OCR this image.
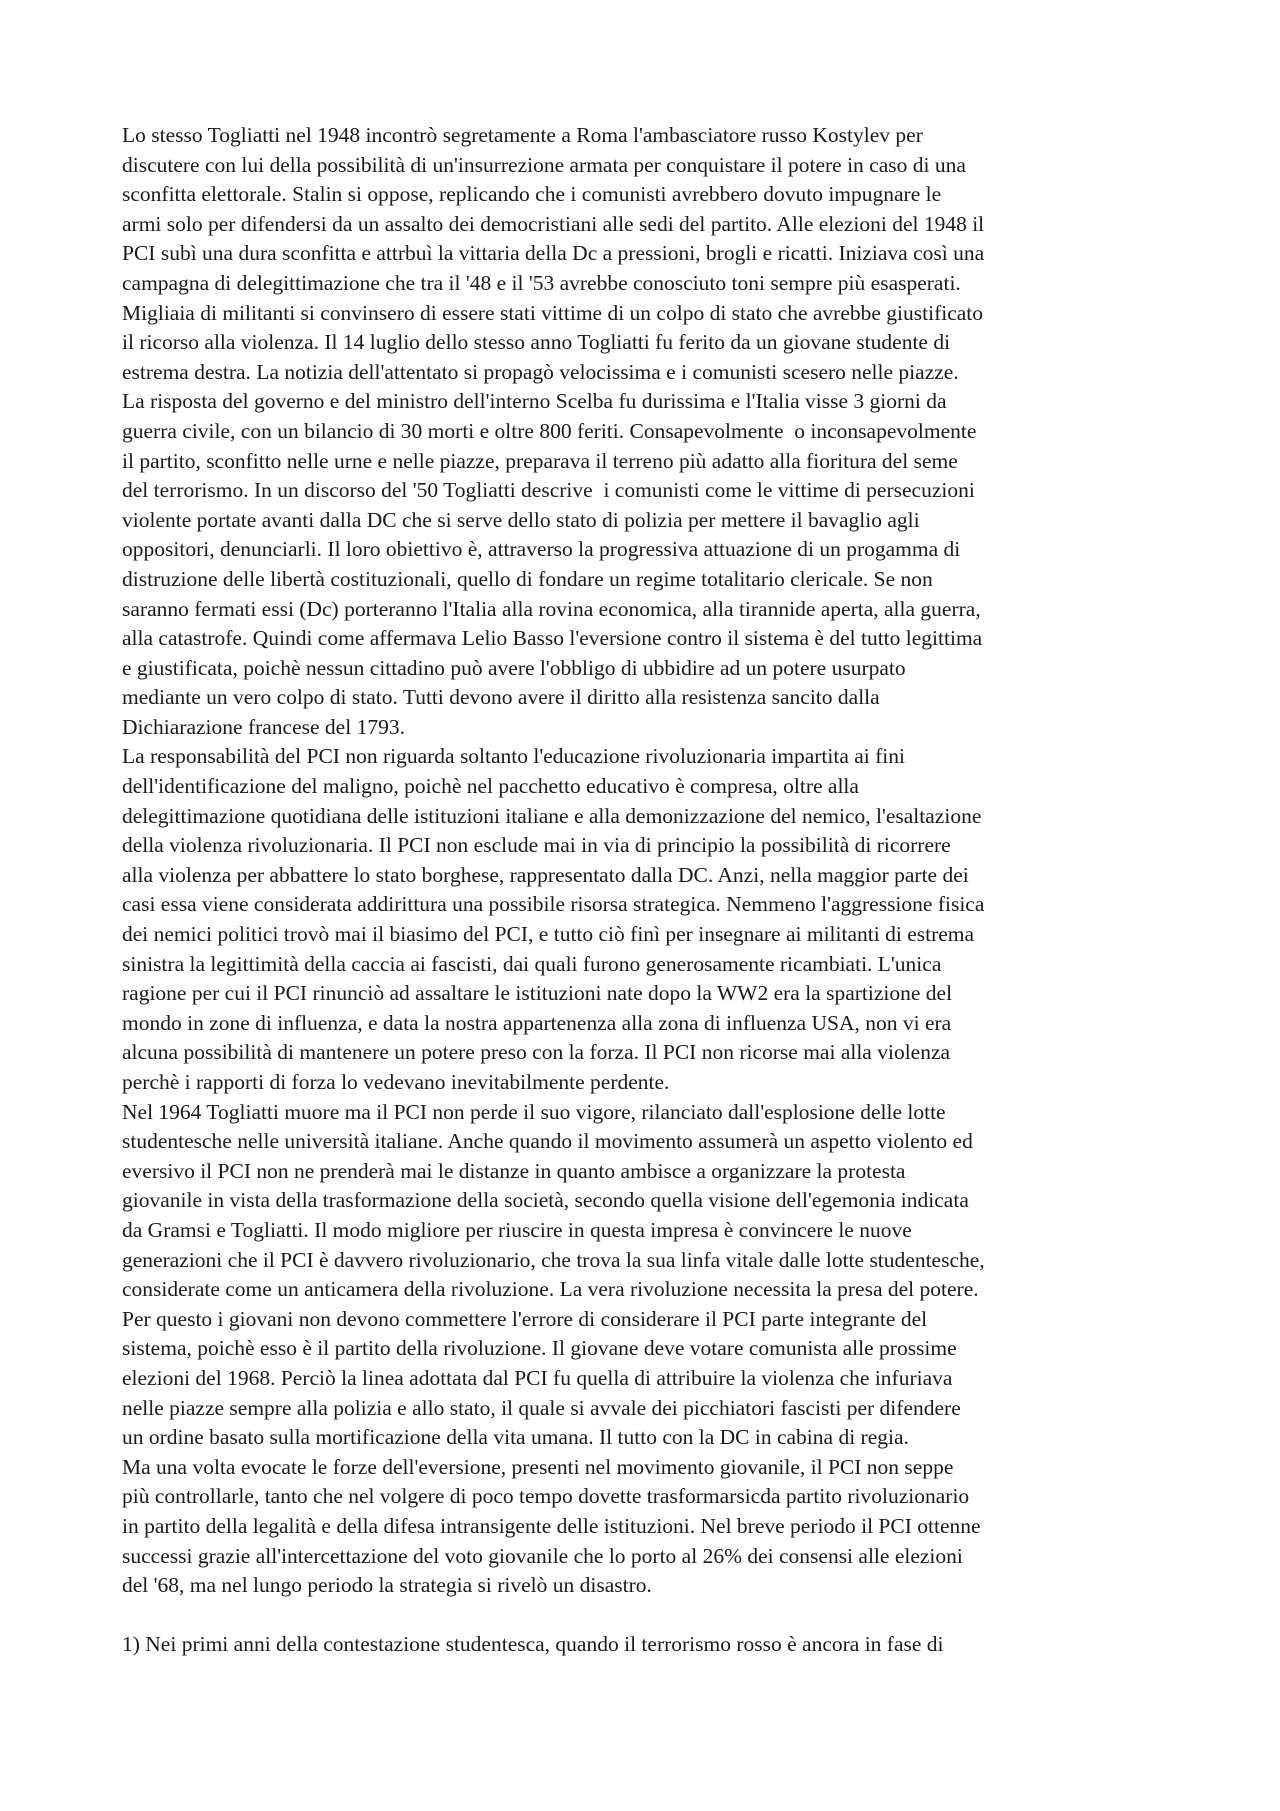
Lo stesso Togliatti nel 1948 incontrò segretamente a Roma l'ambasciatore russo Kostylev per
discutere con lui della possibilità di un'insurrezione armata per conquistare il potere in caso di una
sconfitta elettorale. Stalin si oppose, replicando che i comunisti avrebbero dovuto impugnare le
armi solo per difendersi da un assalto dei democristiani alle sedi del partito. Alle elezioni del 1948 il
PCI subì una dura sconfitta e attrbuì la vittaria della Dc a pressioni, brogli e ricatti. Iniziava così una
campagna di delegittimazione che tra il '48 e il '53 avrebbe conosciuto toni sempre più esasperati.
Migliaia di militanti si convinsero di essere stati vittime di un colpo di stato che avrebbe giustificato
il ricorso alla violenza. Il 14 luglio dello stesso anno Togliatti fu ferito da un giovane studente di
estrema destra. La notizia dell'attentato si propagò velocissima e i comunisti scesero nelle piazze.
La risposta del governo e del ministro dell'interno Scelba fu durissima e l'Italia visse 3 giorni da
guerra civile, con un bilancio di 30 morti e oltre 800 feriti. Consapevolmente  o inconsapevolmente
il partito, sconfitto nelle urne e nelle piazze, preparava il terreno più adatto alla fioritura del seme
del terrorismo. In un discorso del '50 Togliatti descrive  i comunisti come le vittime di persecuzioni
violente portate avanti dalla DC che si serve dello stato di polizia per mettere il bavaglio agli
oppositori, denunciarli. Il loro obiettivo è, attraverso la progressiva attuazione di un progamma di
distruzione delle libertà costituzionali, quello di fondare un regime totalitario clericale. Se non
saranno fermati essi (Dc) porteranno l'Italia alla rovina economica, alla tirannide aperta, alla guerra,
alla catastrofe. Quindi come affermava Lelio Basso l'eversione contro il sistema è del tutto legittima
e giustificata, poichè nessun cittadino può avere l'obbligo di ubbidire ad un potere usurpato
mediante un vero colpo di stato. Tutti devono avere il diritto alla resistenza sancito dalla
Dichiarazione francese del 1793.
La responsabilità del PCI non riguarda soltanto l'educazione rivoluzionaria impartita ai fini
dell'identificazione del maligno, poichè nel pacchetto educativo è compresa, oltre alla
delegittimazione quotidiana delle istituzioni italiane e alla demonizzazione del nemico, l'esaltazione
della violenza rivoluzionaria. Il PCI non esclude mai in via di principio la possibilità di ricorrere
alla violenza per abbattere lo stato borghese, rappresentato dalla DC. Anzi, nella maggior parte dei
casi essa viene considerata addirittura una possibile risorsa strategica. Nemmeno l'aggressione fisica
dei nemici politici trovò mai il biasimo del PCI, e tutto ciò finì per insegnare ai militanti di estrema
sinistra la legittimità della caccia ai fascisti, dai quali furono generosamente ricambiati. L'unica
ragione per cui il PCI rinunciò ad assaltare le istituzioni nate dopo la WW2 era la spartizione del
mondo in zone di influenza, e data la nostra appartenenza alla zona di influenza USA, non vi era
alcuna possibilità di mantenere un potere preso con la forza. Il PCI non ricorse mai alla violenza
perchè i rapporti di forza lo vedevano inevitabilmente perdente.
Nel 1964 Togliatti muore ma il PCI non perde il suo vigore, rilanciato dall'esplosione delle lotte
studentesche nelle università italiane. Anche quando il movimento assumerà un aspetto violento ed
eversivo il PCI non ne prenderà mai le distanze in quanto ambisce a organizzare la protesta
giovanile in vista della trasformazione della società, secondo quella visione dell'egemonia indicata
da Gramsi e Togliatti. Il modo migliore per riuscire in questa impresa è convincere le nuove
generazioni che il PCI è davvero rivoluzionario, che trova la sua linfa vitale dalle lotte studentesche,
considerate come un anticamera della rivoluzione. La vera rivoluzione necessita la presa del potere.
Per questo i giovani non devono commettere l'errore di considerare il PCI parte integrante del
sistema, poichè esso è il partito della rivoluzione. Il giovane deve votare comunista alle prossime
elezioni del 1968. Perciò la linea adottata dal PCI fu quella di attribuire la violenza che infuriava
nelle piazze sempre alla polizia e allo stato, il quale si avvale dei picchiatori fascisti per difendere
un ordine basato sulla mortificazione della vita umana. Il tutto con la DC in cabina di regia.
Ma una volta evocate le forze dell'eversione, presenti nel movimento giovanile, il PCI non seppe
più controllarle, tanto che nel volgere di poco tempo dovette trasformarsicda partito rivoluzionario
in partito della legalità e della difesa intransigente delle istituzioni. Nel breve periodo il PCI ottenne
successi grazie all'intercettazione del voto giovanile che lo porto al 26% dei consensi alle elezioni
del '68, ma nel lungo periodo la strategia si rivelò un disastro.
1) Nei primi anni della contestazione studentesca, quando il terrorismo rosso è ancora in fase di
